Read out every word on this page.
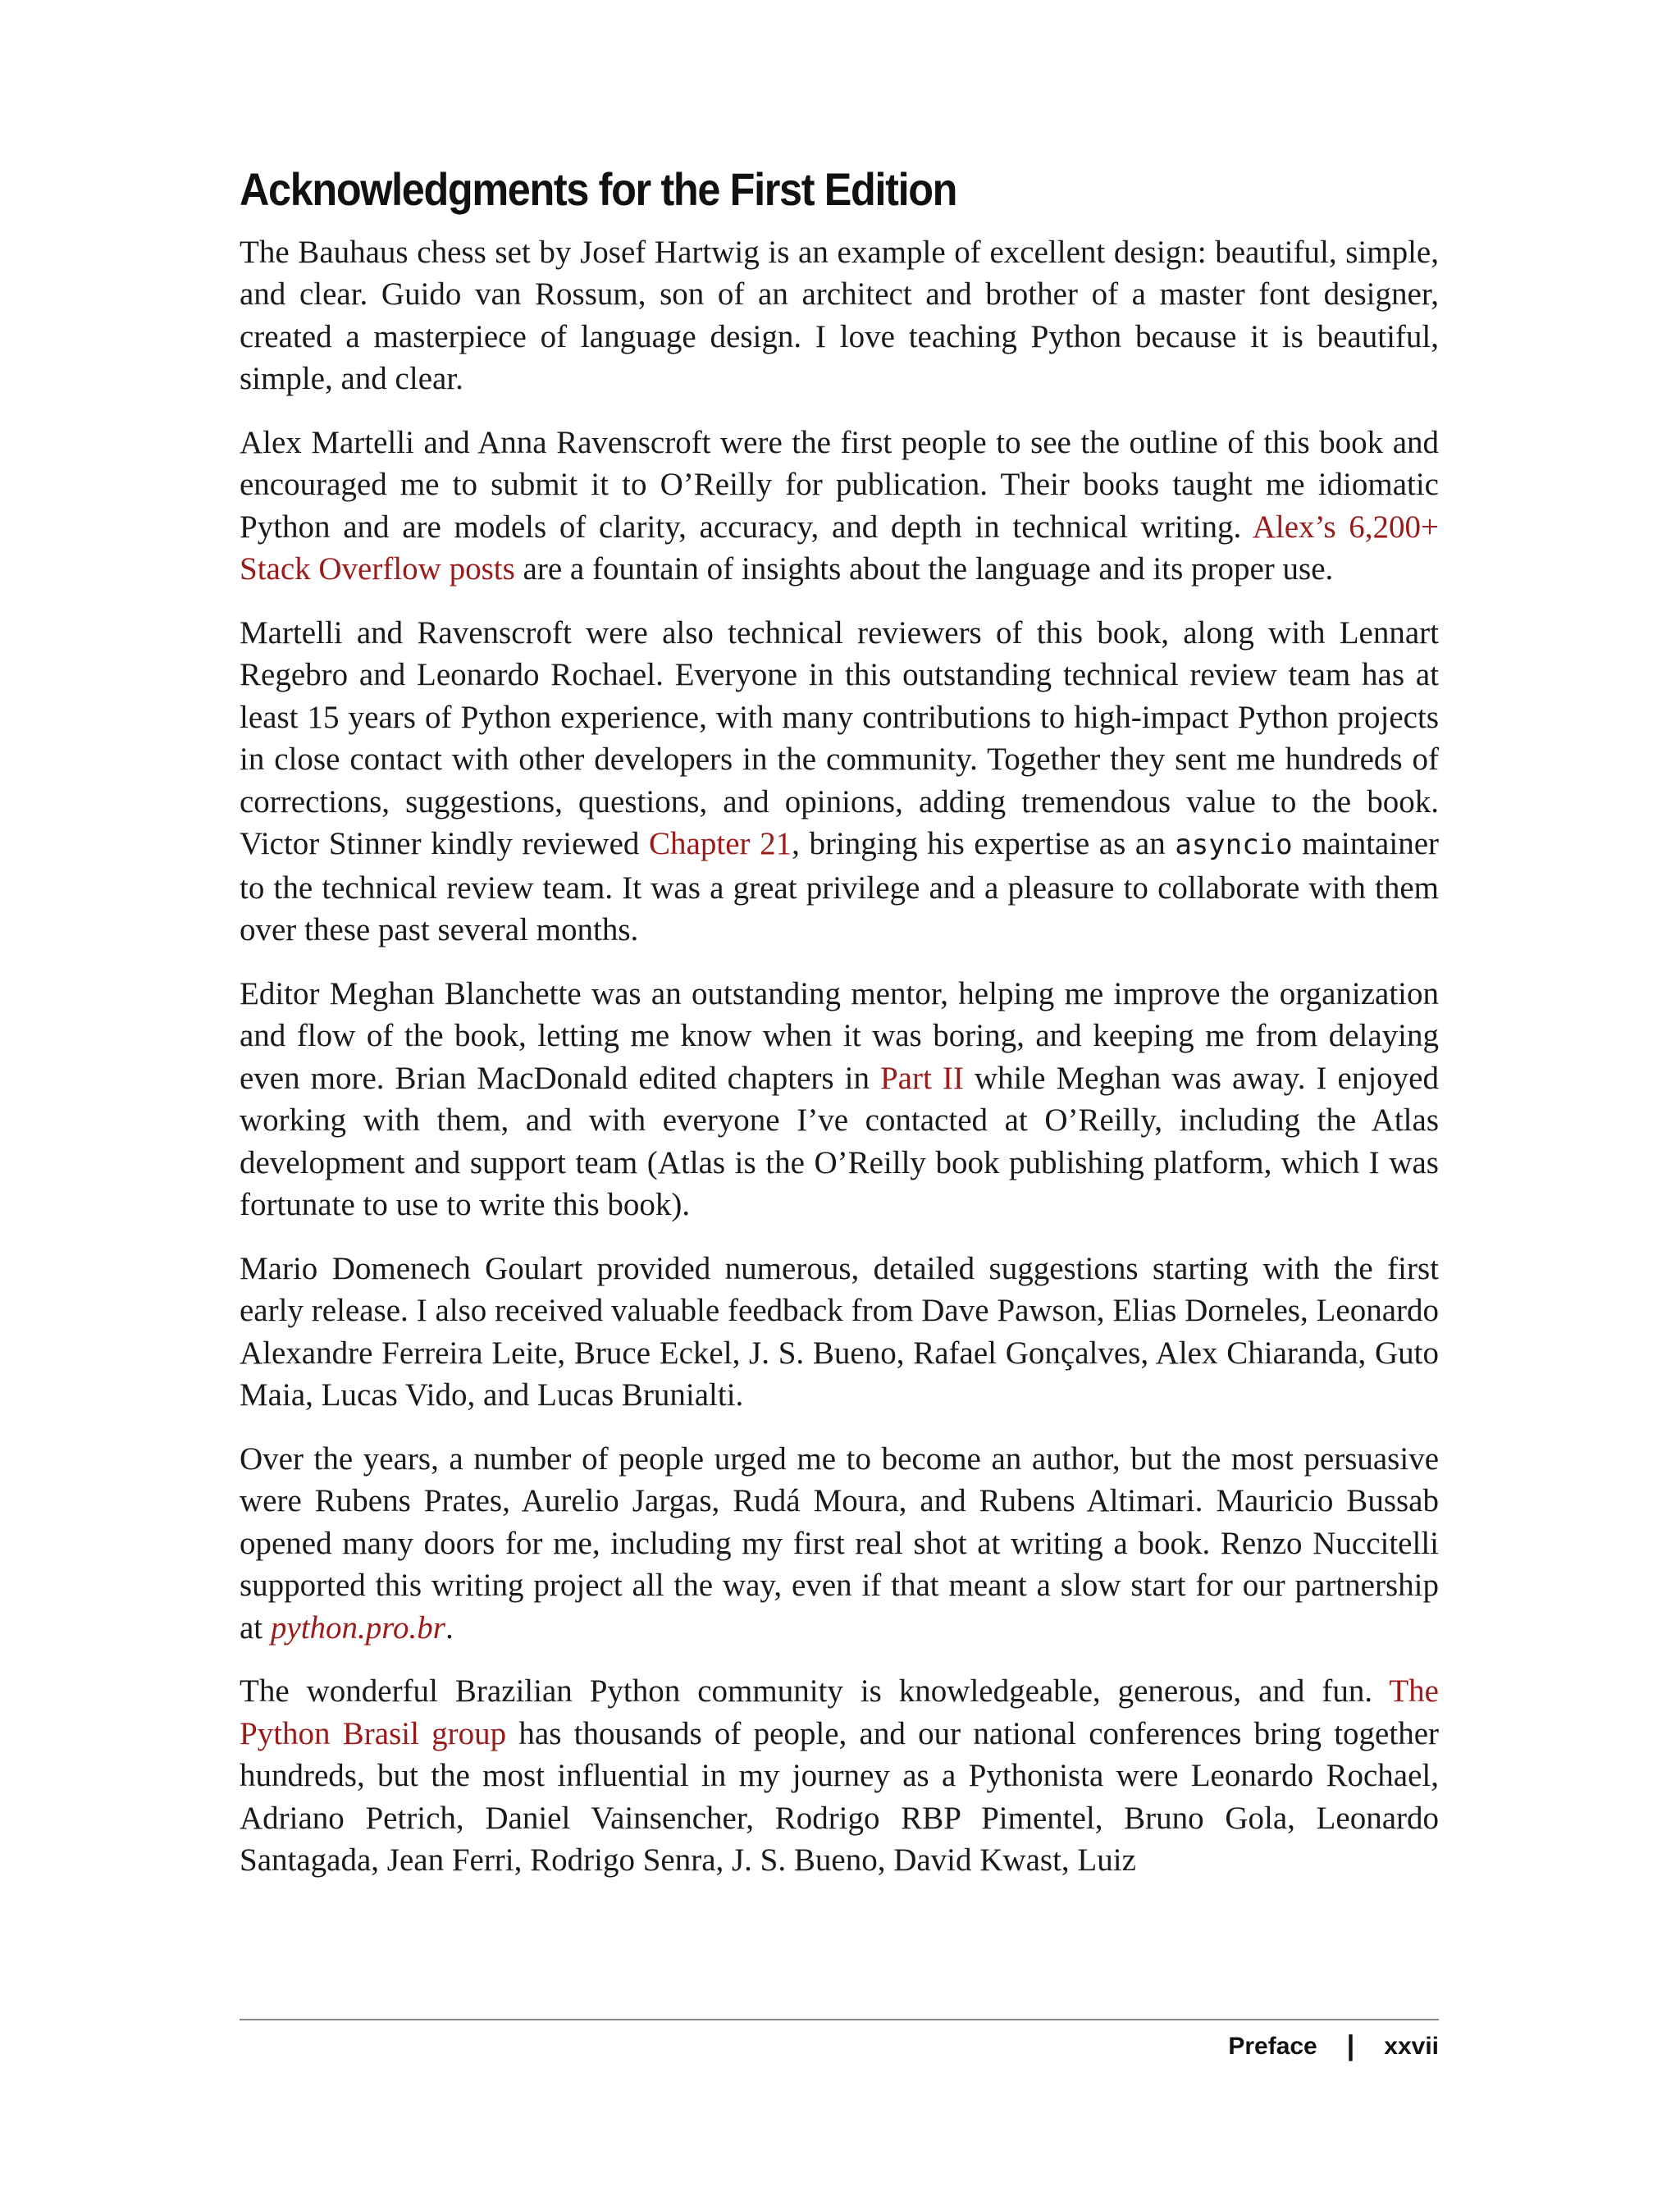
Acknowledgments for the First Edition

The Bauhaus chess set by Josef Hartwig is an example of excellent design: beautiful, simple, and clear. Guido van Rossum, son of an architect and brother of a master font designer, created a masterpiece of language design. I love teaching Python because it is beautiful, simple, and clear.

Alex Martelli and Anna Ravenscroft were the first people to see the outline of this book and encouraged me to submit it to O’Reilly for publication. Their books taught me idiomatic Python and are models of clarity, accuracy, and depth in technical writing. Alex’s 6,200+ Stack Overflow posts are a fountain of insights about the language and its proper use.

Martelli and Ravenscroft were also technical reviewers of this book, along with Lennart Regebro and Leonardo Rochael. Everyone in this outstanding technical review team has at least 15 years of Python experience, with many contributions to high-impact Python projects in close contact with other developers in the community. Together they sent me hundreds of corrections, suggestions, questions, and opinions, adding tremendous value to the book. Victor Stinner kindly reviewed Chapter 21, bringing his expertise as an asyncio maintainer to the technical review team. It was a great privilege and a pleasure to collaborate with them over these past several months.

Editor Meghan Blanchette was an outstanding mentor, helping me improve the organization and flow of the book, letting me know when it was boring, and keeping me from delaying even more. Brian MacDonald edited chapters in Part II while Meghan was away. I enjoyed working with them, and with everyone I’ve contacted at O’Reilly, including the Atlas development and support team (Atlas is the O’Reilly book publishing platform, which I was fortunate to use to write this book).

Mario Domenech Goulart provided numerous, detailed suggestions starting with the first early release. I also received valuable feedback from Dave Pawson, Elias Dorneles, Leonardo Alexandre Ferreira Leite, Bruce Eckel, J. S. Bueno, Rafael Gonçalves, Alex Chiaranda, Guto Maia, Lucas Vido, and Lucas Brunialti.

Over the years, a number of people urged me to become an author, but the most persuasive were Rubens Prates, Aurelio Jargas, Rudá Moura, and Rubens Altimari. Mauricio Bussab opened many doors for me, including my first real shot at writing a book. Renzo Nuccitelli supported this writing project all the way, even if that meant a slow start for our partnership at python.pro.br.

The wonderful Brazilian Python community is knowledgeable, generous, and fun. The Python Brasil group has thousands of people, and our national conferences bring together hundreds, but the most influential in my journey as a Pythonista were Leonardo Rochael, Adriano Petrich, Daniel Vainsencher, Rodrigo RBP Pimentel, Bruno Gola, Leonardo Santagada, Jean Ferri, Rodrigo Senra, J. S. Bueno, David Kwast, Luiz

Preface | xxvii
